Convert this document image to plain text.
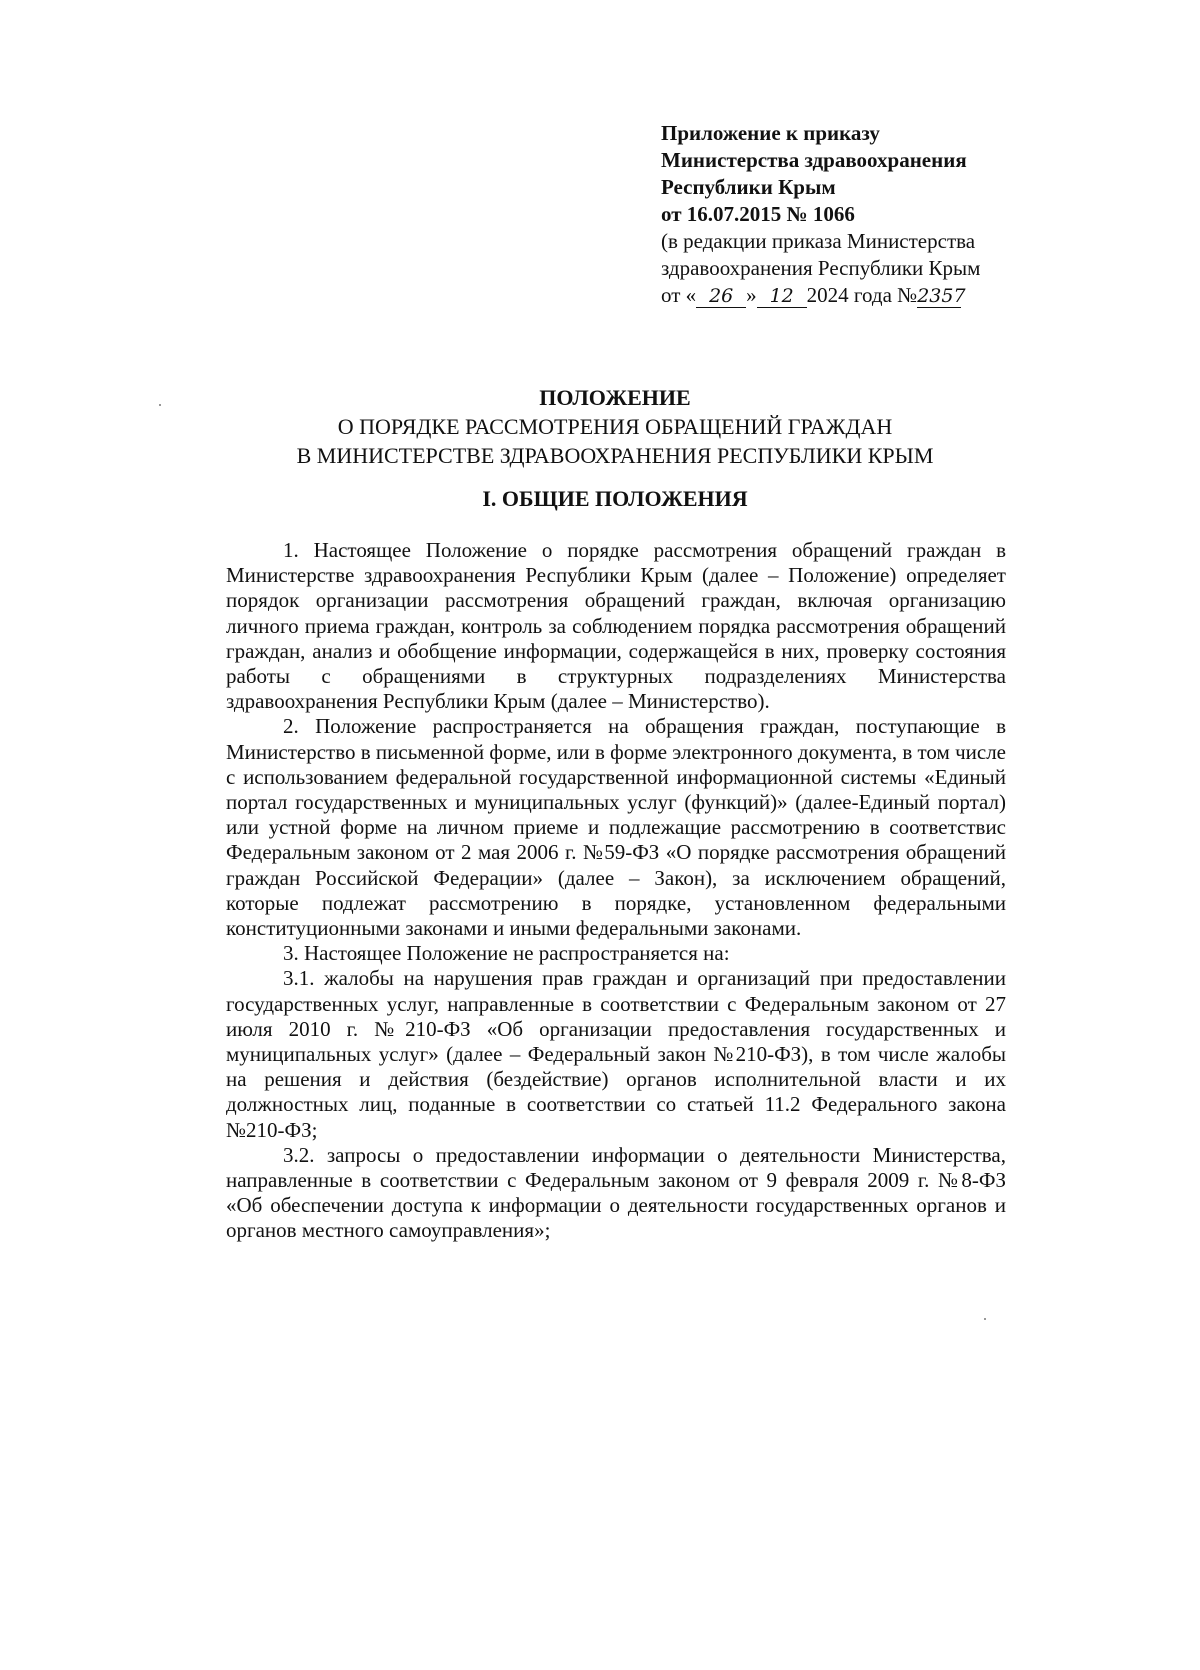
Приложение к приказу
Министерства здравоохранения
Республики Крым
от 16.07.2015 № 1066
(в редакции приказа Министерства
здравоохранения Республики Крым
от « 26 » 12 2024 года №2357
ПОЛОЖЕНИЕ
О ПОРЯДКЕ РАССМОТРЕНИЯ ОБРАЩЕНИЙ ГРАЖДАН
В МИНИСТЕРСТВЕ ЗДРАВООХРАНЕНИЯ РЕСПУБЛИКИ КРЫМ
I. ОБЩИЕ ПОЛОЖЕНИЯ

1. Настоящее Положение о порядке рассмотрения обращений граждан в Министерстве здравоохранения Республики Крым (далее – Положение) определяет порядок организации рассмотрения обращений граждан, включая организацию личного приема граждан, контроль за соблюдением порядка рассмотрения обращений граждан, анализ и обобщение информации, содержащейся в них, проверку состояния работы с обращениями в структурных подразделениях Министерства здравоохранения Республики Крым (далее – Министерство).

2. Положение распространяется на обращения граждан, поступающие в Министерство в письменной форме, или в форме электронного документа, в том числе с использованием федеральной государственной информационной системы «Единый портал государственных и муниципальных услуг (функций)» (далее-Единый портал) или устной форме на личном приеме и подлежащие рассмотрению в соответствис Федеральным законом от 2 мая 2006 г. №59-ФЗ «О порядке рассмотрения обращений граждан Российской Федерации» (далее – Закон), за исключением обращений, которые подлежат рассмотрению в порядке, установленном федеральными конституционными законами и иными федеральными законами.

3. Настоящее Положение не распространяется на:

3.1. жалобы на нарушения прав граждан и организаций при предоставлении государственных услуг, направленные в соответствии с Федеральным законом от 27 июля 2010 г. №210-ФЗ «Об организации предоставления государственных и муниципальных услуг» (далее – Федеральный закон №210-ФЗ), в том числе жалобы на решения и действия (бездействие) органов исполнительной власти и их должностных лиц, поданные в соответствии со статьей 11.2 Федерального закона №210-ФЗ;

3.2. запросы о предоставлении информации о деятельности Министерства, направленные в соответствии с Федеральным законом от 9 февраля 2009 г. №8-ФЗ «Об обеспечении доступа к информации о деятельности государственных органов и органов местного самоуправления»;
